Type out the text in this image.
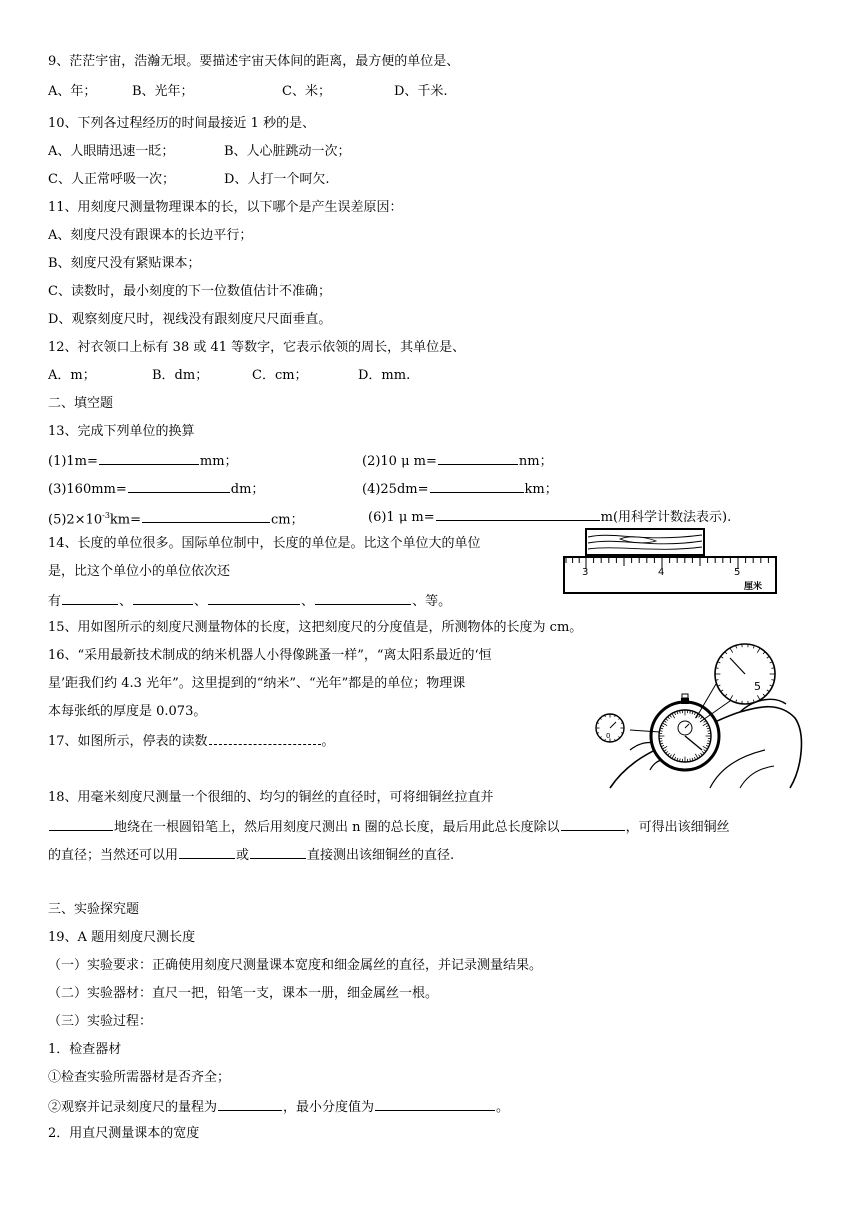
9、茫茫宇宙，浩瀚无垠。要描述宇宙天体间的距离，最方便的单位是、
A、年；	B、光年；	C、米；	D、千米.
10、下列各过程经历的时间最接近 1 秒的是、
A、人眼睛迅速一眨；	B、人心脏跳动一次；
C、人正常呼吸一次；	D、人打一个呵欠.
11、用刻度尺测量物理课本的长，以下哪个是产生误差原因：
A、刻度尺没有跟课本的长边平行；
B、刻度尺没有紧贴课本；
C、读数时，最小刻度的下一位数值估计不准确；
D、观察刻度尺时，视线没有跟刻度尺尺面垂直。
12、衬衣领口上标有 38 或 41 等数字，它表示依领的周长，其单位是、
A．m；	B．dm；	C．cm；	D．mm.
二、填空题
13、完成下列单位的换算
(1)1m=	mm；	(2)10 μ m=	nm；
(3)160mm=	dm；	(4)25dm=	km；
$(5)2\times 10^{-3}km=$	cm；	(6)1 μ m=	m(用科学计数法表示).
14、长度的单位很多。国际单位制中，长度的单位是。比这个单位大的单位
是，比这个单位小的单位依次还
有	、	、	、	、等。
3	4	5
厘米
15、用如图所示的刻度尺测量物体的长度，这把刻度尺的分度值是，所测物体的长度为 cm。
16、“采用最新技术制成的纳米机器人小得像跳蚤一样”，“离太阳系最近的‘恒
星’距我们约 4.3 光年”。这里提到的“纳米”、“光年”都是的单位；物理课
本每张纸的厚度是 0.073。
5
0
17、如图所示，停表的读数	。
18、用毫米刻度尺测量一个很细的、均匀的铜丝的直径时，可将细铜丝拉直并
地绕在一根圆铅笔上，然后用刻度尺测出 n 圈的总长度，最后用此总长度除以	，可得出该细铜丝
的直径；当然还可以用	或	直接测出该细铜丝的直径.
三、实验探究题
19、A 题用刻度尺测长度
（一）实验要求：正确使用刻度尺测量课本宽度和细金属丝的直径，并记录测量结果。
（二）实验器材：直尺一把，铅笔一支，课本一册，细金属丝一根。
（三）实验过程：
1．检查器材
①检查实验所需器材是否齐全；
②观察并记录刻度尺的量程为	，最小分度值为	。
2．用直尺测量课本的宽度
